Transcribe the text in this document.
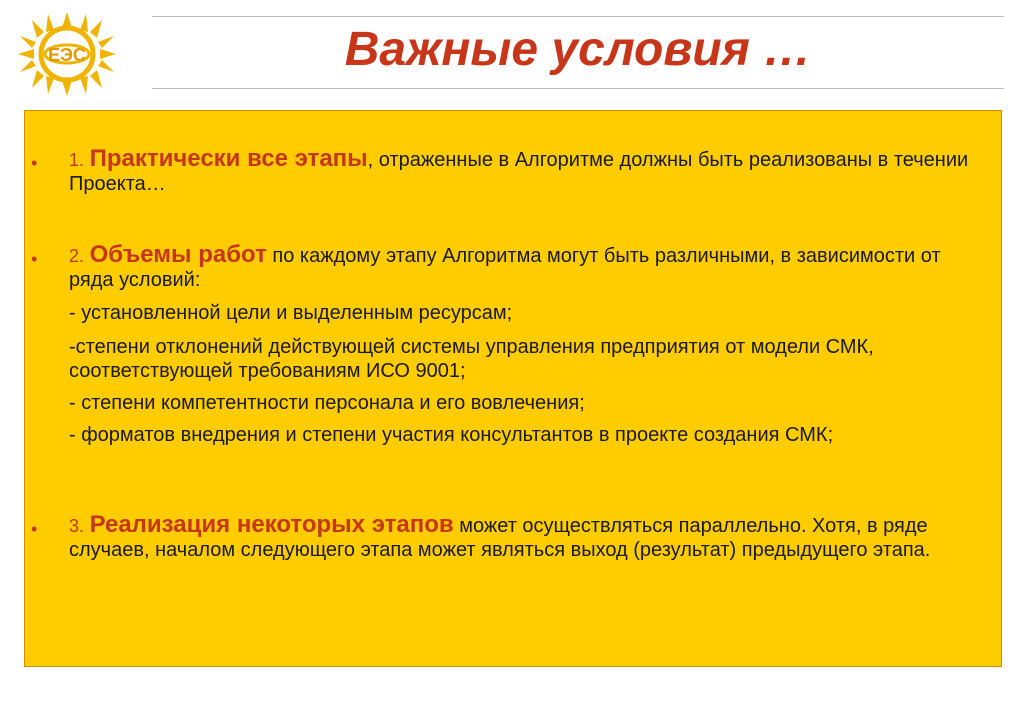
ЕЭС	Важные условия …
• 1. Практически все этапы, отраженные в Алгоритме должны быть реализованы в течении Проекта…
• 2. Объемы работ по каждому этапу Алгоритма могут быть различными, в зависимости от ряда условий:
- установленной цели и выделенным ресурсам;
-степени отклонений действующей системы управления предприятия от модели СМК, соответствующей требованиям ИСО 9001;
- степени компетентности персонала и его вовлечения;
- форматов внедрения и степени участия консультантов в проекте создания СМК;
• 3. Реализация некоторых этапов может осуществляться параллельно. Хотя, в ряде случаев, началом следующего этапа может являться выход (результат) предыдущего этапа.
